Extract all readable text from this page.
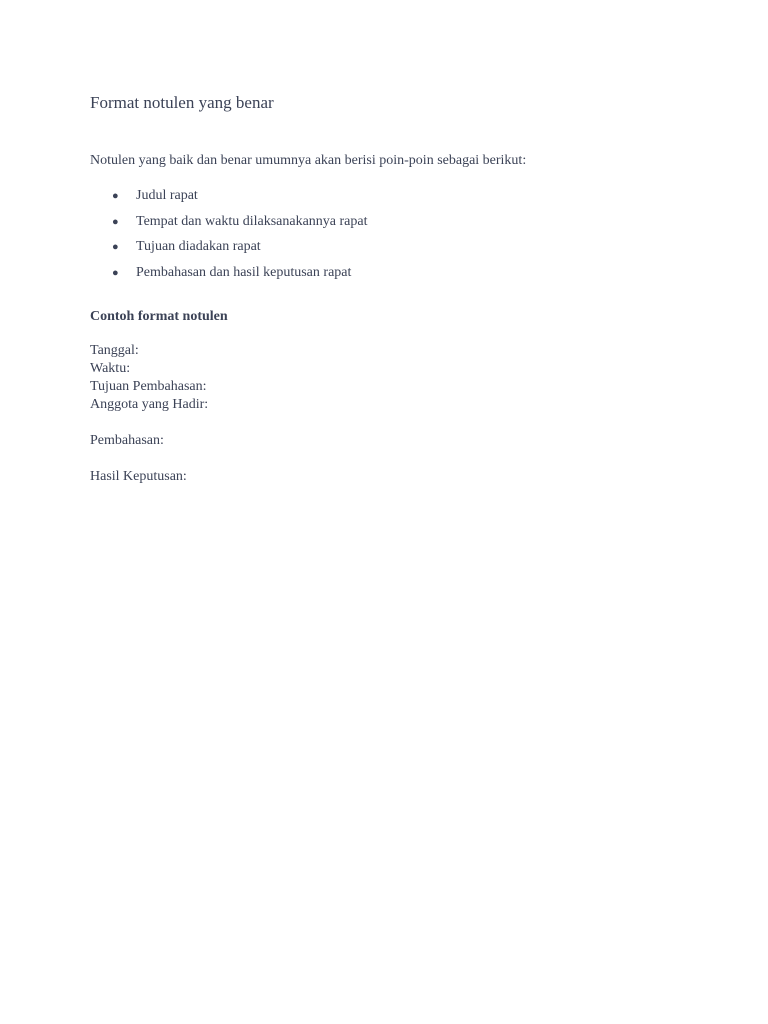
Format notulen yang benar

Notulen yang baik dan benar umumnya akan berisi poin-poin sebagai berikut:

● Judul rapat
● Tempat dan waktu dilaksanakannya rapat
● Tujuan diadakan rapat
● Pembahasan dan hasil keputusan rapat
Contoh format notulen
Tanggal:
Waktu:
Tujuan Pembahasan:
Anggota yang Hadir:

Pembahasan:

Hasil Keputusan:
